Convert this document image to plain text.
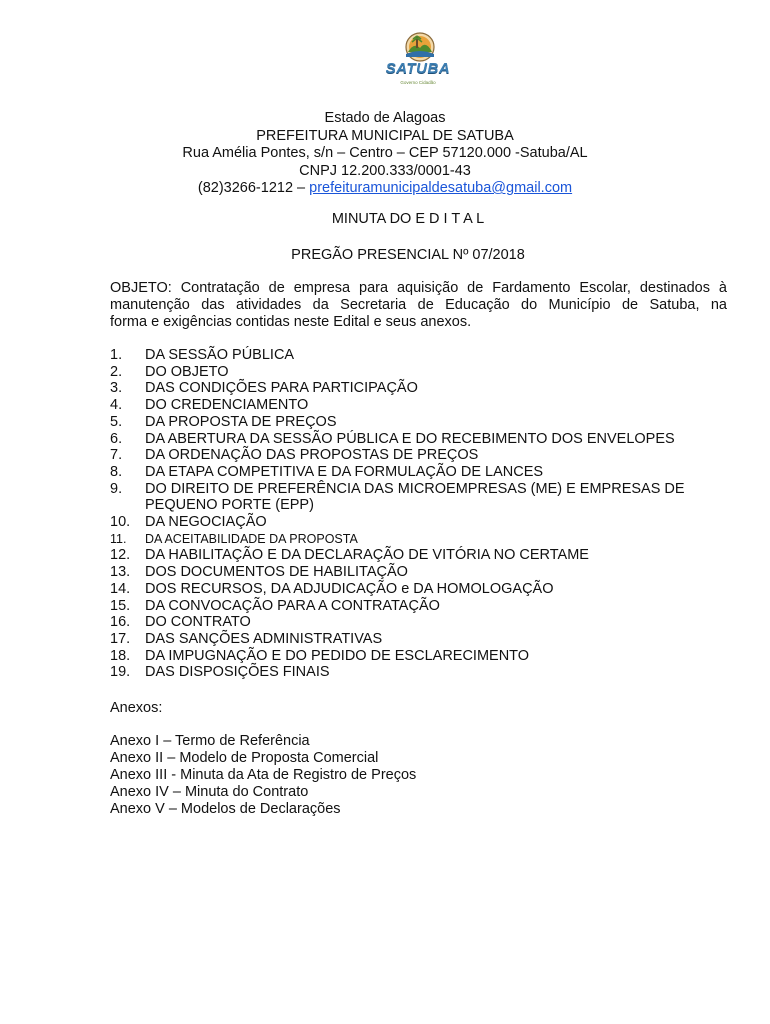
SATUBA
Governo Cidadão
Estado de Alagoas
PREFEITURA MUNICIPAL DE SATUBA
Rua Amélia Pontes, s/n – Centro – CEP 57120.000 -Satuba/AL
CNPJ 12.200.333/0001-43
(82)3266-1212 – prefeituramunicipaldesatuba@gmail.com
MINUTA DO E D I T A L
PREGÃO PRESENCIAL Nº 07/2018
OBJETO: Contratação de empresa para aquisição de Fardamento Escolar, destinados à
manutenção das atividades da Secretaria de Educação do Município de Satuba, na
forma e exigências contidas neste Edital e seus anexos.
1. DA SESSÃO PÚBLICA
2. DO OBJETO
3. DAS CONDIÇÕES PARA PARTICIPAÇÃO
4. DO CREDENCIAMENTO
5. DA PROPOSTA DE PREÇOS
6. DA ABERTURA DA SESSÃO PÚBLICA E DO RECEBIMENTO DOS ENVELOPES
7. DA ORDENAÇÃO DAS PROPOSTAS DE PREÇOS
8. DA ETAPA COMPETITIVA E DA FORMULAÇÃO DE LANCES
9. DO DIREITO DE PREFERÊNCIA DAS MICROEMPRESAS (ME) E EMPRESAS DE
PEQUENO PORTE (EPP)
10. DA NEGOCIAÇÃO
11. DA ACEITABILIDADE DA PROPOSTA
12. DA HABILITAÇÃO E DA DECLARAÇÃO DE VITÓRIA NO CERTAME
13. DOS DOCUMENTOS DE HABILITAÇÃO
14. DOS RECURSOS, DA ADJUDICAÇÃO e DA HOMOLOGAÇÃO
15. DA CONVOCAÇÃO PARA A CONTRATAÇÃO
16. DO CONTRATO
17. DAS SANÇÕES ADMINISTRATIVAS
18. DA IMPUGNAÇÃO E DO PEDIDO DE ESCLARECIMENTO
19. DAS DISPOSIÇÕES FINAIS
Anexos:
Anexo I – Termo de Referência
Anexo II – Modelo de Proposta Comercial
Anexo III - Minuta da Ata de Registro de Preços
Anexo IV – Minuta do Contrato
Anexo V – Modelos de Declarações
